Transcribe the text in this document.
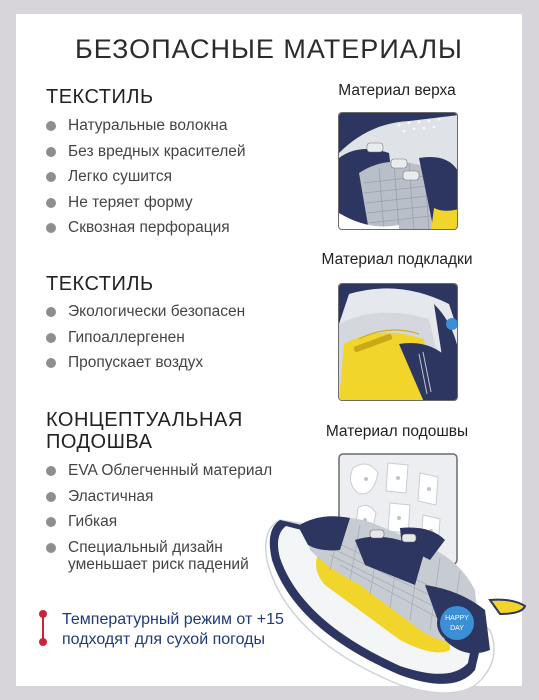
БЕЗОПАСНЫЕ МАТЕРИАЛЫ
ТЕКСТИЛЬ
Натуральные волокна
Без вредных красителей
Легко сушится
Не теряет форму
Сквозная перфорация
ТЕКСТИЛЬ
Экологически безопасен
Гипоаллергенен
Пропускает воздух
КОНЦЕПТУАЛЬНАЯ
ПОДОШВА
EVA Облегченный материал
Эластичная
Гибкая
Специальный дизайн
уменьшает риск падений
Материал верха
Материал подкладки
Материал подошвы
Температурный режим от +15
подходят для сухой погоды
HAPPY
DAY
